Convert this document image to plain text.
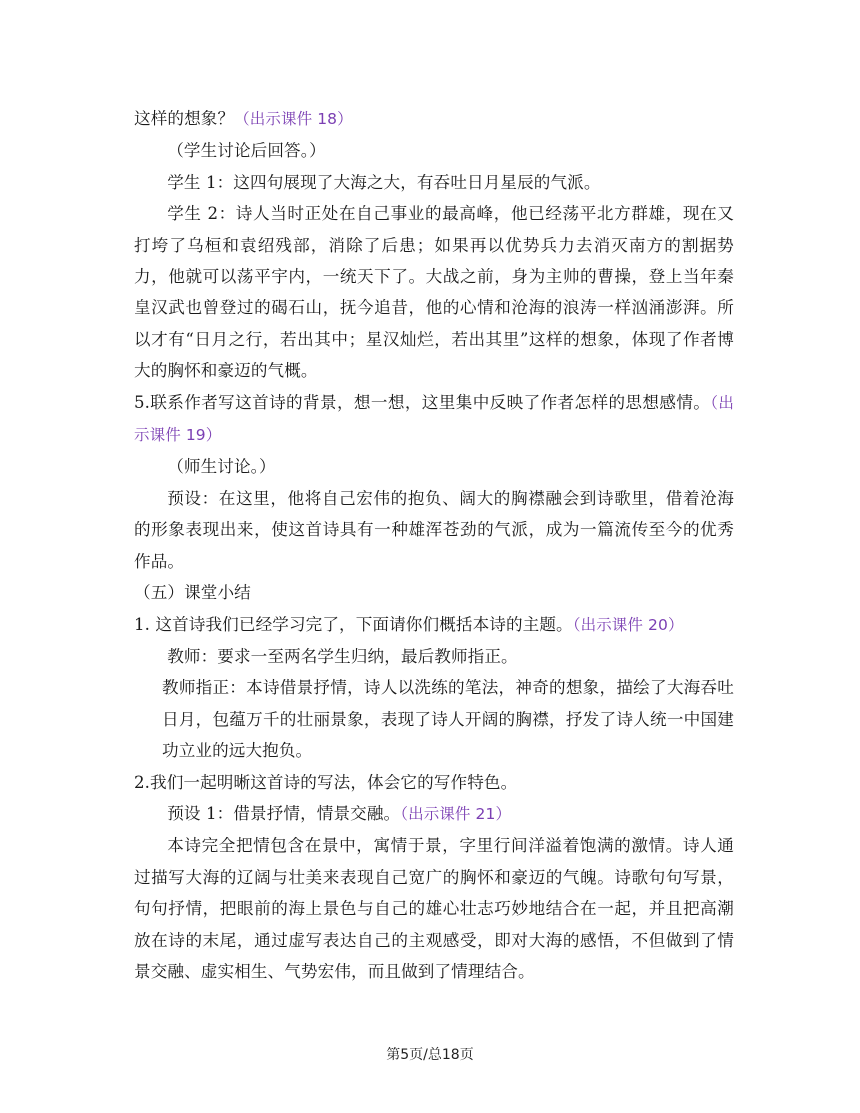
这样的想象？（出示课件 18）

（学生讨论后回答。）

学生 1：这四句展现了大海之大，有吞吐日月星辰的气派。

学生 2：诗人当时正处在自己事业的最高峰，他已经荡平北方群雄，现在又打垮了乌桓和袁绍残部，消除了后患；如果再以优势兵力去消灭南方的割据势力，他就可以荡平宇内，一统天下了。大战之前，身为主帅的曹操，登上当年秦皇汉武也曾登过的碣石山，抚今追昔，他的心情和沧海的浪涛一样汹涌澎湃。所以才有“日月之行，若出其中；星汉灿烂，若出其里”这样的想象，体现了作者博大的胸怀和豪迈的气概。

5.联系作者写这首诗的背景，想一想，这里集中反映了作者怎样的思想感情。（出示课件 19）

（师生讨论。）

预设：在这里，他将自己宏伟的抱负、阔大的胸襟融会到诗歌里，借着沧海的形象表现出来，使这首诗具有一种雄浑苍劲的气派，成为一篇流传至今的优秀作品。

（五）课堂小结

1. 这首诗我们已经学习完了，下面请你们概括本诗的主题。（出示课件 20）

教师：要求一至两名学生归纳，最后教师指正。

教师指正：本诗借景抒情，诗人以洗练的笔法，神奇的想象，描绘了大海吞吐日月，包蕴万千的壮丽景象，表现了诗人开阔的胸襟，抒发了诗人统一中国建功立业的远大抱负。

2.我们一起明晰这首诗的写法，体会它的写作特色。

预设 1：借景抒情，情景交融。（出示课件 21）

本诗完全把情包含在景中，寓情于景，字里行间洋溢着饱满的激情。诗人通过描写大海的辽阔与壮美来表现自己宽广的胸怀和豪迈的气魄。诗歌句句写景，句句抒情，把眼前的海上景色与自己的雄心壮志巧妙地结合在一起，并且把高潮放在诗的末尾，通过虚写表达自己的主观感受，即对大海的感悟，不但做到了情景交融、虚实相生、气势宏伟，而且做到了情理结合。

第5页/总18页
